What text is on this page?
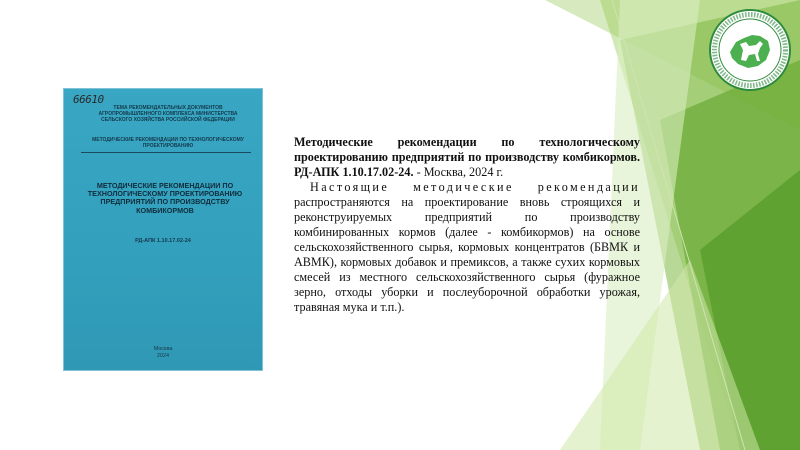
66610
ТЕМА РЕКОМЕНДАТЕЛЬНЫХ ДОКУМЕНТОВ АГРОПРОМЫШЛЕННОГО КОМПЛЕКСА МИНИСТЕРСТВА СЕЛЬСКОГО ХОЗЯЙСТВА РОССИЙСКОЙ ФЕДЕРАЦИИ
МЕТОДИЧЕСКИЕ РЕКОМЕНДАЦИИ ПО ТЕХНОЛОГИЧЕСКОМУ ПРОЕКТИРОВАНИЮ
МЕТОДИЧЕСКИЕ РЕКОМЕНДАЦИИ ПО ТЕХНОЛОГИЧЕСКОМУ ПРОЕКТИРОВАНИЮ ПРЕДПРИЯТИЙ ПО ПРОИЗВОДСТВУ КОМБИКОРМОВ
РД-АПК 1.10.17.02-24
Москва
2024
Методические рекомендации по технологическому проектированию предприятий по производству комбикормов. РД-АПК 1.10.17.02-24. - Москва, 2024 г.
Настоящие методические рекомендации распространяются на проектирование вновь строящихся и реконструируемых предприятий по производству комбинированных кормов (далее - комбикормов) на основе сельскохозяйственного сырья, кормовых концентратов (БВМК и АВМК), кормовых добавок и премиксов, а также сухих кормовых смесей из местного сельскохозяйственного сырья (фуражное зерно, отходы уборки и послеуборочной обработки урожая, травяная мука и т.п.).
